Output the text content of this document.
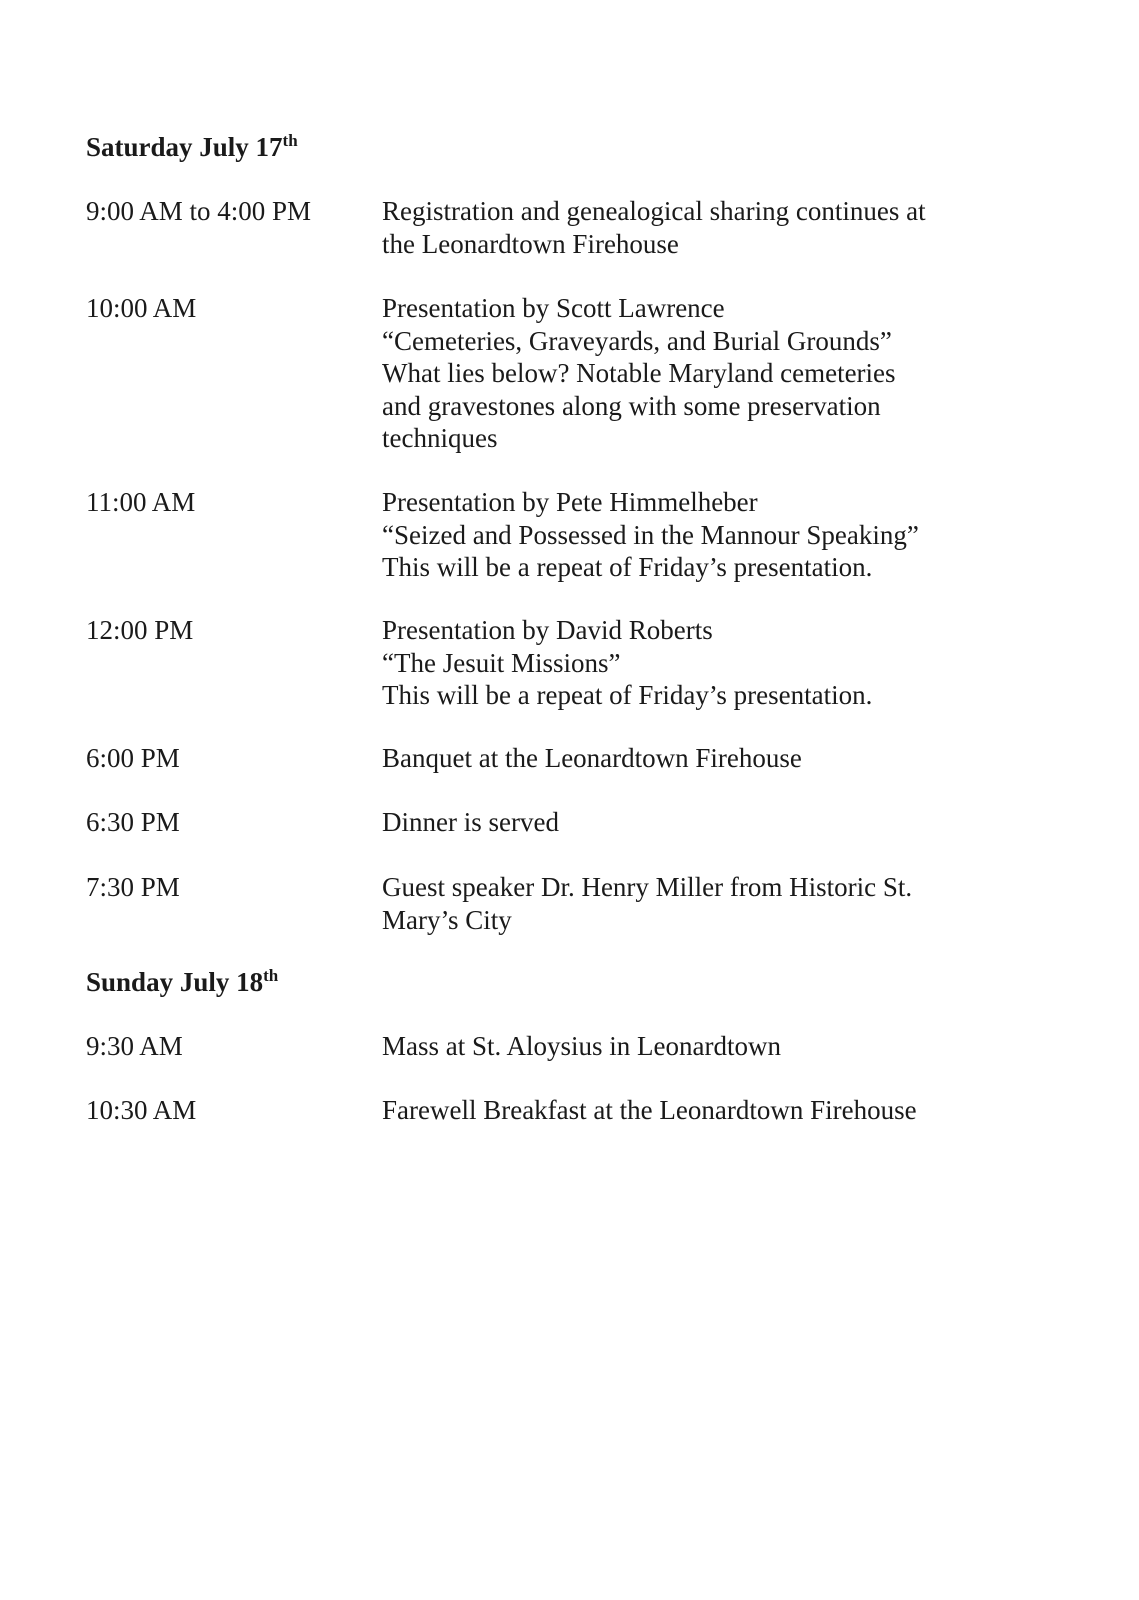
Saturday July 17th
9:00 AM to 4:00 PM	Registration and genealogical sharing continues at
the Leonardtown Firehouse
10:00 AM	Presentation by Scott Lawrence
“Cemeteries, Graveyards, and Burial Grounds”
What lies below? Notable Maryland cemeteries
and gravestones along with some preservation
techniques
11:00 AM	Presentation by Pete Himmelheber
“Seized and Possessed in the Mannour Speaking”
This will be a repeat of Friday’s presentation.
12:00 PM	Presentation by David Roberts
“The Jesuit Missions”
This will be a repeat of Friday’s presentation.
6:00 PM	Banquet at the Leonardtown Firehouse
6:30 PM	Dinner is served
7:30 PM	Guest speaker Dr. Henry Miller from Historic St.
Mary’s City
Sunday July 18th
9:30 AM	Mass at St. Aloysius in Leonardtown
10:30 AM	Farewell Breakfast at the Leonardtown Firehouse
